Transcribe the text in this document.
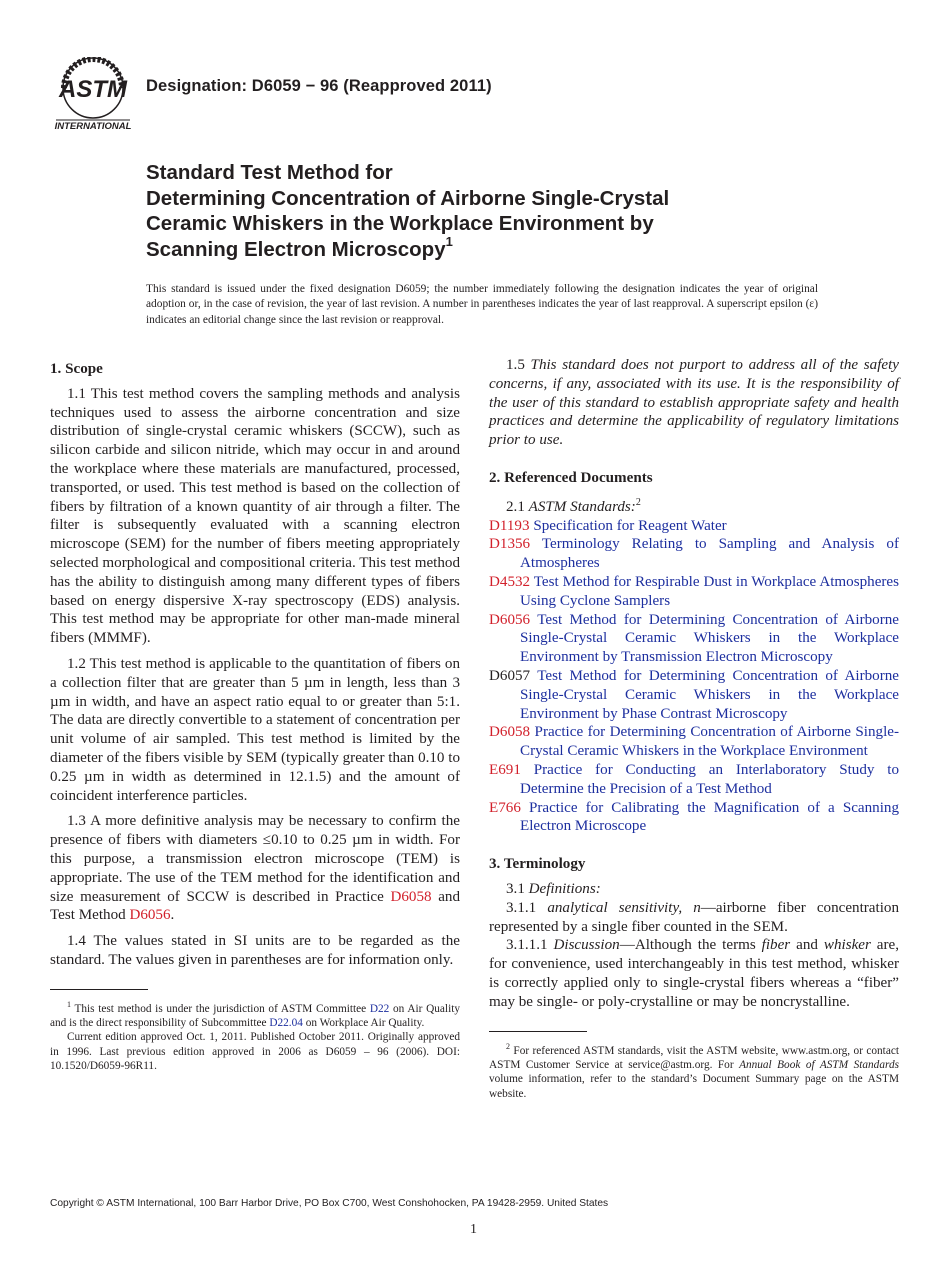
ASTM
INTERNATIONAL
Designation: D6059 − 96 (Reapproved 2011)
Standard Test Method for
Determining Concentration of Airborne Single-Crystal
Ceramic Whiskers in the Workplace Environment by
Scanning Electron Microscopy$^1$
This standard is issued under the fixed designation D6059; the number immediately following the designation indicates the year of original adoption or, in the case of revision, the year of last revision. A number in parentheses indicates the year of last reapproval. A superscript epsilon (ε) indicates an editorial change since the last revision or reapproval.

1. Scope

1.1 This test method covers the sampling methods and analysis techniques used to assess the airborne concentration and size distribution of single-crystal ceramic whiskers (SCCW), such as silicon carbide and silicon nitride, which may occur in and around the workplace where these materials are manufactured, processed, transported, or used. This test method is based on the collection of fibers by filtration of a known quantity of air through a filter. The filter is subsequently evaluated with a scanning electron microscope (SEM) for the number of fibers meeting appropriately selected morphological and compositional criteria. This test method has the ability to distinguish among many different types of fibers based on energy dispersive X-ray spectroscopy (EDS) analysis. This test method may be appropriate for other man-made mineral fibers (MMMF).

1.2 This test method is applicable to the quantitation of fibers on a collection filter that are greater than 5 µm in length, less than 3 µm in width, and have an aspect ratio equal to or greater than 5:1. The data are directly convertible to a statement of concentration per unit volume of air sampled. This test method is limited by the diameter of the fibers visible by SEM (typically greater than 0.10 to 0.25 µm in width as determined in 12.1.5) and the amount of coincident interference particles.

1.3 A more definitive analysis may be necessary to confirm the presence of fibers with diameters ≤0.10 to 0.25 µm in width. For this purpose, a transmission electron microscope (TEM) is appropriate. The use of the TEM method for the identification and size measurement of SCCW is described in Practice D6058 and Test Method D6056.

1.4 The values stated in SI units are to be regarded as the standard. The values given in parentheses are for information only.

$^1$ This test method is under the jurisdiction of ASTM Committee D22 on Air Quality and is the direct responsibility of Subcommittee D22.04 on Workplace Air Quality.

Current edition approved Oct. 1, 2011. Published October 2011. Originally approved in 1996. Last previous edition approved in 2006 as D6059 – 96 (2006). DOI: 10.1520/D6059-96R11.

1.5 This standard does not purport to address all of the safety concerns, if any, associated with its use. It is the responsibility of the user of this standard to establish appropriate safety and health practices and determine the applicability of regulatory limitations prior to use.

2. Referenced Documents

2.1 ASTM Standards:$^2$

D1193 Specification for Reagent Water
D1356 Terminology Relating to Sampling and Analysis of Atmospheres
D4532 Test Method for Respirable Dust in Workplace Atmospheres Using Cyclone Samplers
D6056 Test Method for Determining Concentration of Airborne Single-Crystal Ceramic Whiskers in the Workplace Environment by Transmission Electron Microscopy
D6057 Test Method for Determining Concentration of Airborne Single-Crystal Ceramic Whiskers in the Workplace Environment by Phase Contrast Microscopy
D6058 Practice for Determining Concentration of Airborne Single-Crystal Ceramic Whiskers in the Workplace Environment
E691 Practice for Conducting an Interlaboratory Study to Determine the Precision of a Test Method
E766 Practice for Calibrating the Magnification of a Scanning Electron Microscope

3. Terminology

3.1 Definitions:

3.1.1 analytical sensitivity, n—airborne fiber concentration represented by a single fiber counted in the SEM.

3.1.1.1 Discussion—Although the terms fiber and whisker are, for convenience, used interchangeably in this test method, whisker is correctly applied only to single-crystal fibers whereas a “fiber” may be single- or poly-crystalline or may be noncrystalline.

$^2$ For referenced ASTM standards, visit the ASTM website, www.astm.org, or contact ASTM Customer Service at service@astm.org. For Annual Book of ASTM Standards volume information, refer to the standard’s Document Summary page on the ASTM website.

Copyright © ASTM International, 100 Barr Harbor Drive, PO Box C700, West Conshohocken, PA 19428-2959. United States
1
